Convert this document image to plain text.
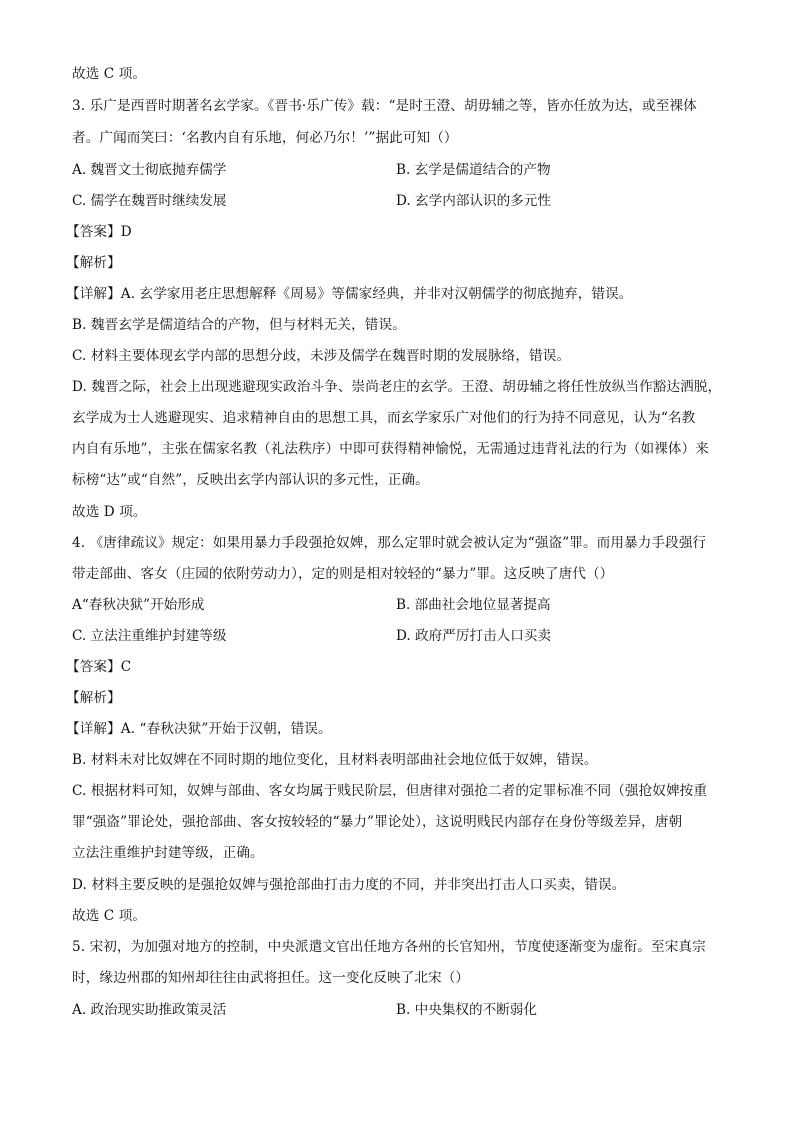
故选 C 项。
3. 乐广是西晋时期著名玄学家。《晋书·乐广传》载：“是时王澄、胡毋辅之等，皆亦任放为达，或至裸体
者。广闻而笑曰：‘名教内自有乐地，何必乃尔！’”据此可知（）
A. 魏晋文士彻底抛弃儒学	B. 玄学是儒道结合的产物
C. 儒学在魏晋时继续发展	D. 玄学内部认识的多元性
【答案】D
【解析】
【详解】A. 玄学家用老庄思想解释《周易》等儒家经典，并非对汉朝儒学的彻底抛弃，错误。
B. 魏晋玄学是儒道结合的产物，但与材料无关，错误。
C. 材料主要体现玄学内部的思想分歧，未涉及儒学在魏晋时期的发展脉络，错误。
D. 魏晋之际，社会上出现逃避现实政治斗争、崇尚老庄的玄学。王澄、胡毋辅之将任性放纵当作豁达洒脱，
玄学成为士人逃避现实、追求精神自由的思想工具，而玄学家乐广对他们的行为持不同意见，认为“名教
内自有乐地”，主张在儒家名教（礼法秩序）中即可获得精神愉悦，无需通过违背礼法的行为（如裸体）来
标榜“达”或“自然”，反映出玄学内部认识的多元性，正确。
故选 D 项。
4. 《唐律疏议》规定：如果用暴力手段强抢奴婢，那么定罪时就会被认定为“强盗”罪。而用暴力手段强行
带走部曲、客女（庄园的依附劳动力），定的则是相对较轻的“暴力”罪。这反映了唐代（）
A“春秋决狱”开始形成	B. 部曲社会地位显著提高
C. 立法注重维护封建等级	D. 政府严厉打击人口买卖
【答案】C
【解析】
【详解】A. “春秋决狱”开始于汉朝，错误。
B. 材料未对比奴婢在不同时期的地位变化，且材料表明部曲社会地位低于奴婢，错误。
C. 根据材料可知，奴婢与部曲、客女均属于贱民阶层，但唐律对强抢二者的定罪标准不同（强抢奴婢按重
罪“强盗”罪论处，强抢部曲、客女按较轻的“暴力”罪论处），这说明贱民内部存在身份等级差异，唐朝
立法注重维护封建等级，正确。
D. 材料主要反映的是强抢奴婢与强抢部曲打击力度的不同，并非突出打击人口买卖，错误。
故选 C 项。
5. 宋初，为加强对地方的控制，中央派遣文官出任地方各州的长官知州，节度使逐渐变为虚衔。至宋真宗
时，缘边州郡的知州却往往由武将担任。这一变化反映了北宋（）
A. 政治现实助推政策灵活	B. 中央集权的不断弱化
